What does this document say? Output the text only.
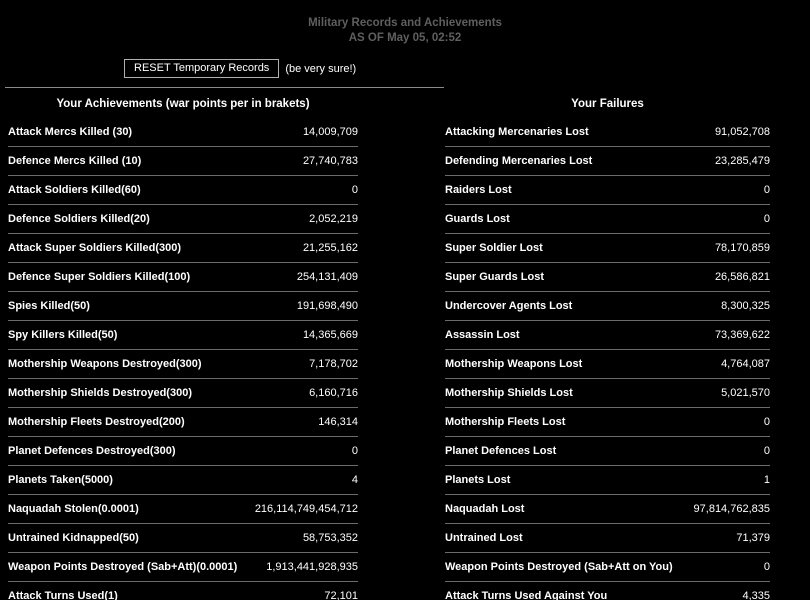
Military Records and Achievements
AS OF May 05, 02:52
RESET Temporary Records	(be very sure!)
Your Achievements (war points per in brakets)
Attack Mercs Killed (30)	14,009,709
Defence Mercs Killed (10)	27,740,783
Attack Soldiers Killed(60)	0
Defence Soldiers Killed(20)	2,052,219
Attack Super Soldiers Killed(300)	21,255,162
Defence Super Soldiers Killed(100)	254,131,409
Spies Killed(50)	191,698,490
Spy Killers Killed(50)	14,365,669
Mothership Weapons Destroyed(300)	7,178,702
Mothership Shields Destroyed(300)	6,160,716
Mothership Fleets Destroyed(200)	146,314
Planet Defences Destroyed(300)	0
Planets Taken(5000)	4
Naquadah Stolen(0.0001)	216,114,749,454,712
Untrained Kidnapped(50)	58,753,352
Weapon Points Destroyed (Sab+Att)(0.0001)	1,913,441,928,935
Attack Turns Used(1)	72,101
Your Failures
Attacking Mercenaries Lost	91,052,708
Defending Mercenaries Lost	23,285,479
Raiders Lost	0
Guards Lost	0
Super Soldier Lost	78,170,859
Super Guards Lost	26,586,821
Undercover Agents Lost	8,300,325
Assassin Lost	73,369,622
Mothership Weapons Lost	4,764,087
Mothership Shields Lost	5,021,570
Mothership Fleets Lost	0
Planet Defences Lost	0
Planets Lost	1
Naquadah Lost	97,814,762,835
Untrained Lost	71,379
Weapon Points Destroyed (Sab+Att on You)	0
Attack Turns Used Against You	4,335
